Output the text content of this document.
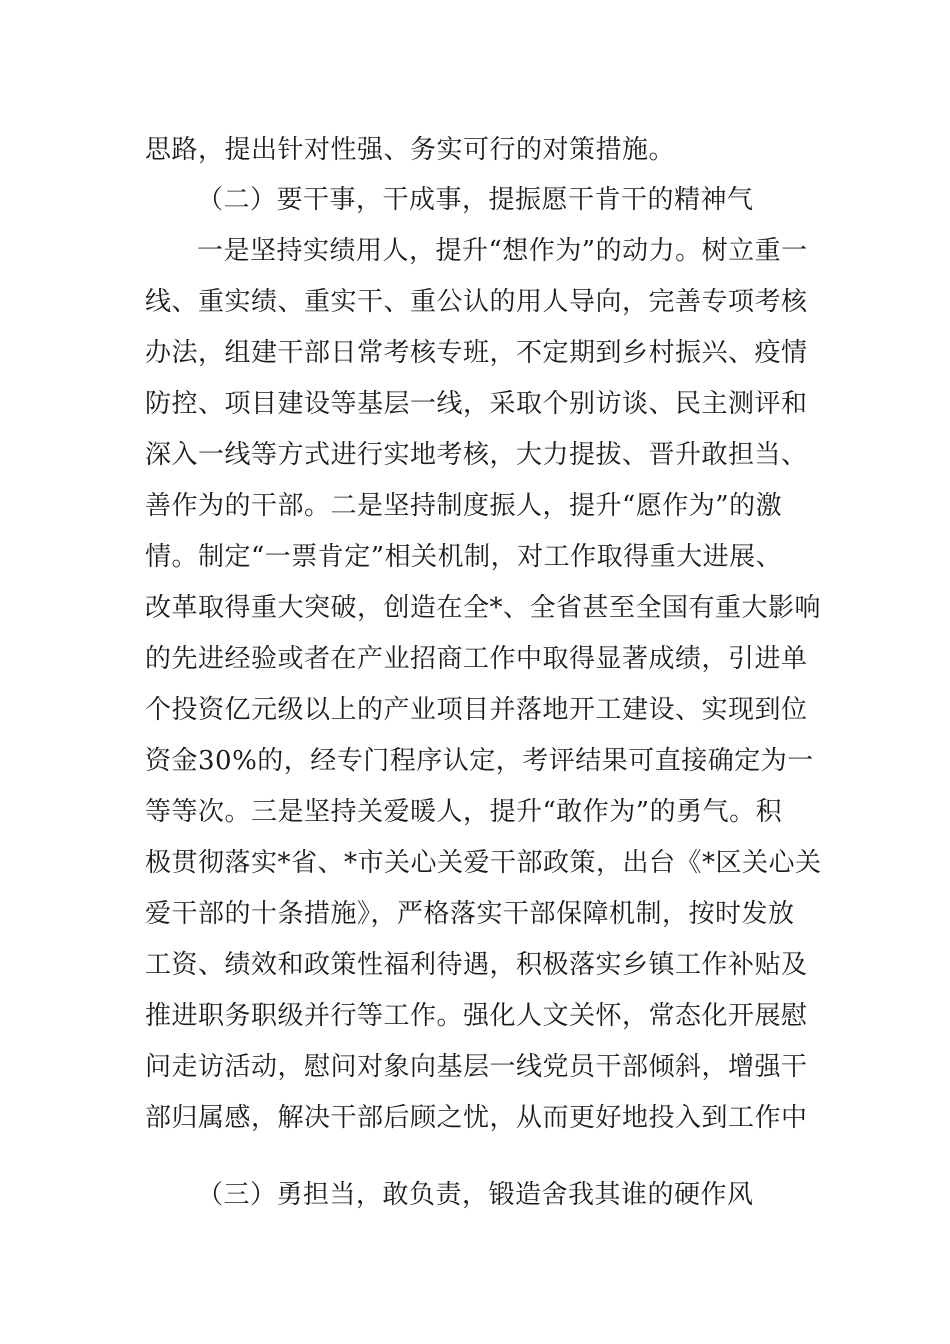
思路，提出针对性强、务实可行的对策措施。
（二）要干事，干成事，提振愿干肯干的精神气
一是坚持实绩用人，提升“想作为”的动力。树立重一
线、重实绩、重实干、重公认的用人导向，完善专项考核
办法，组建干部日常考核专班，不定期到乡村振兴、疫情
防控、项目建设等基层一线，采取个别访谈、民主测评和
深入一线等方式进行实地考核，大力提拔、晋升敢担当、
善作为的干部。二是坚持制度振人，提升“愿作为”的激
情。制定“一票肯定”相关机制，对工作取得重大进展、
改革取得重大突破，创造在全*、全省甚至全国有重大影响
的先进经验或者在产业招商工作中取得显著成绩，引进单
个投资亿元级以上的产业项目并落地开工建设、实现到位
资金30%的，经专门程序认定，考评结果可直接确定为一
等等次。三是坚持关爱暖人，提升“敢作为”的勇气。积
极贯彻落实*省、*市关心关爱干部政策，出台《*区关心关
爱干部的十条措施》，严格落实干部保障机制，按时发放
工资、绩效和政策性福利待遇，积极落实乡镇工作补贴及
推进职务职级并行等工作。强化人文关怀，常态化开展慰
问走访活动，慰问对象向基层一线党员干部倾斜，增强干
部归属感，解决干部后顾之忧，从而更好地投入到工作中
（三）勇担当，敢负责，锻造舍我其谁的硬作风
